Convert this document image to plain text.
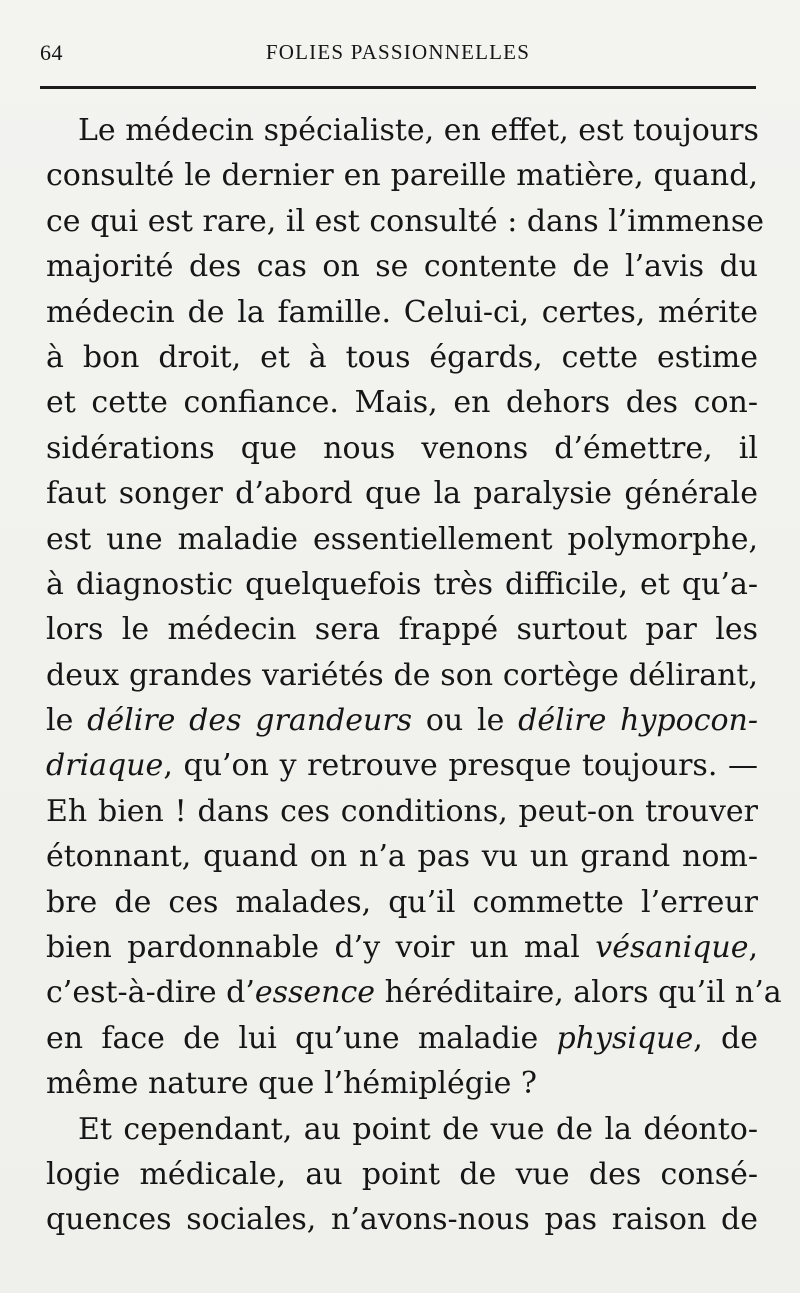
64	FOLIES PASSIONNELLES
Le médecin spécialiste, en effet, est toujours
consulté le dernier en pareille matière, quand,
ce qui est rare, il est consulté : dans l’immense
majorité des cas on se contente de l’avis du
médecin de la famille. Celui-ci, certes, mérite
à bon droit, et à tous égards, cette estime
et cette confiance. Mais, en dehors des con-
sidérations que nous venons d’émettre, il
faut songer d’abord que la paralysie générale
est une maladie essentiellement polymorphe,
à diagnostic quelquefois très difficile, et qu’a-
lors le médecin sera frappé surtout par les
deux grandes variétés de son cortège délirant,
le délire des grandeurs ou le délire hypocon-
driaque, qu’on y retrouve presque toujours. —
Eh bien ! dans ces conditions, peut-on trouver
étonnant, quand on n’a pas vu un grand nom-
bre de ces malades, qu’il commette l’erreur
bien pardonnable d’y voir un mal vésanique,
c’est-à-dire d’essence héréditaire, alors qu’il n’a
en face de lui qu’une maladie physique, de
même nature que l’hémiplégie ?
Et cependant, au point de vue de la déonto-
logie médicale, au point de vue des consé-
quences sociales, n’avons-nous pas raison de
